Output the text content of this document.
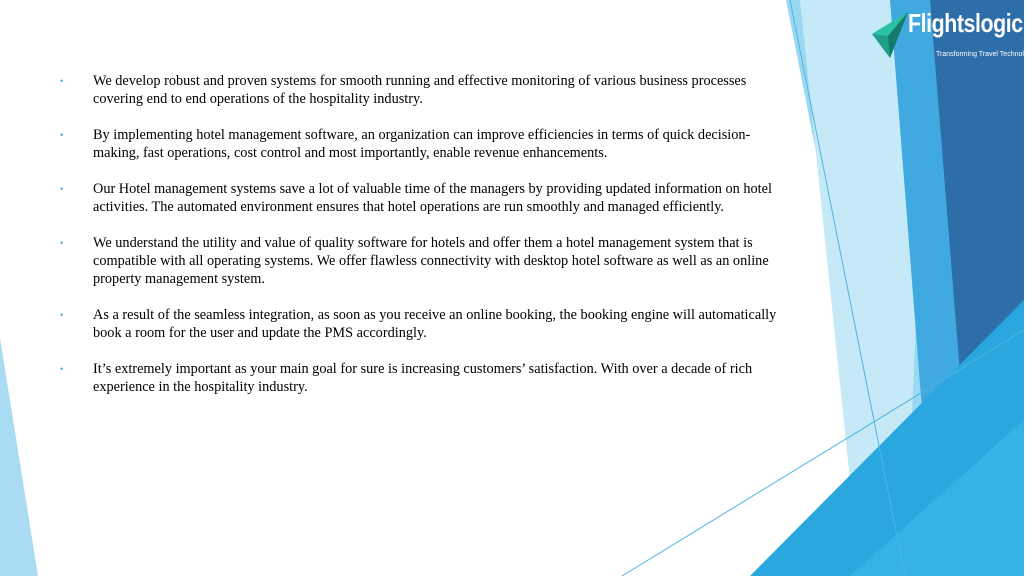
Flightslogic
Transforming Travel Technology
• We develop robust and proven systems for smooth running and effective monitoring of various business processes covering end to end operations of the hospitality industry.
• By implementing hotel management software, an organization can improve efficiencies in terms of quick decision-making, fast operations, cost control and most importantly, enable revenue enhancements.
• Our Hotel management systems save a lot of valuable time of the managers by providing updated information on hotel activities. The automated environment ensures that hotel operations are run smoothly and managed efficiently.
• We understand the utility and value of quality software for hotels and offer them a hotel management system that is compatible with all operating systems. We offer flawless connectivity with desktop hotel software as well as an online property management system.
• As a result of the seamless integration, as soon as you receive an online booking, the booking engine will automatically book a room for the user and update the PMS accordingly.
• It’s extremely important as your main goal for sure is increasing customers’ satisfaction. With over a decade of rich experience in the hospitality industry.
